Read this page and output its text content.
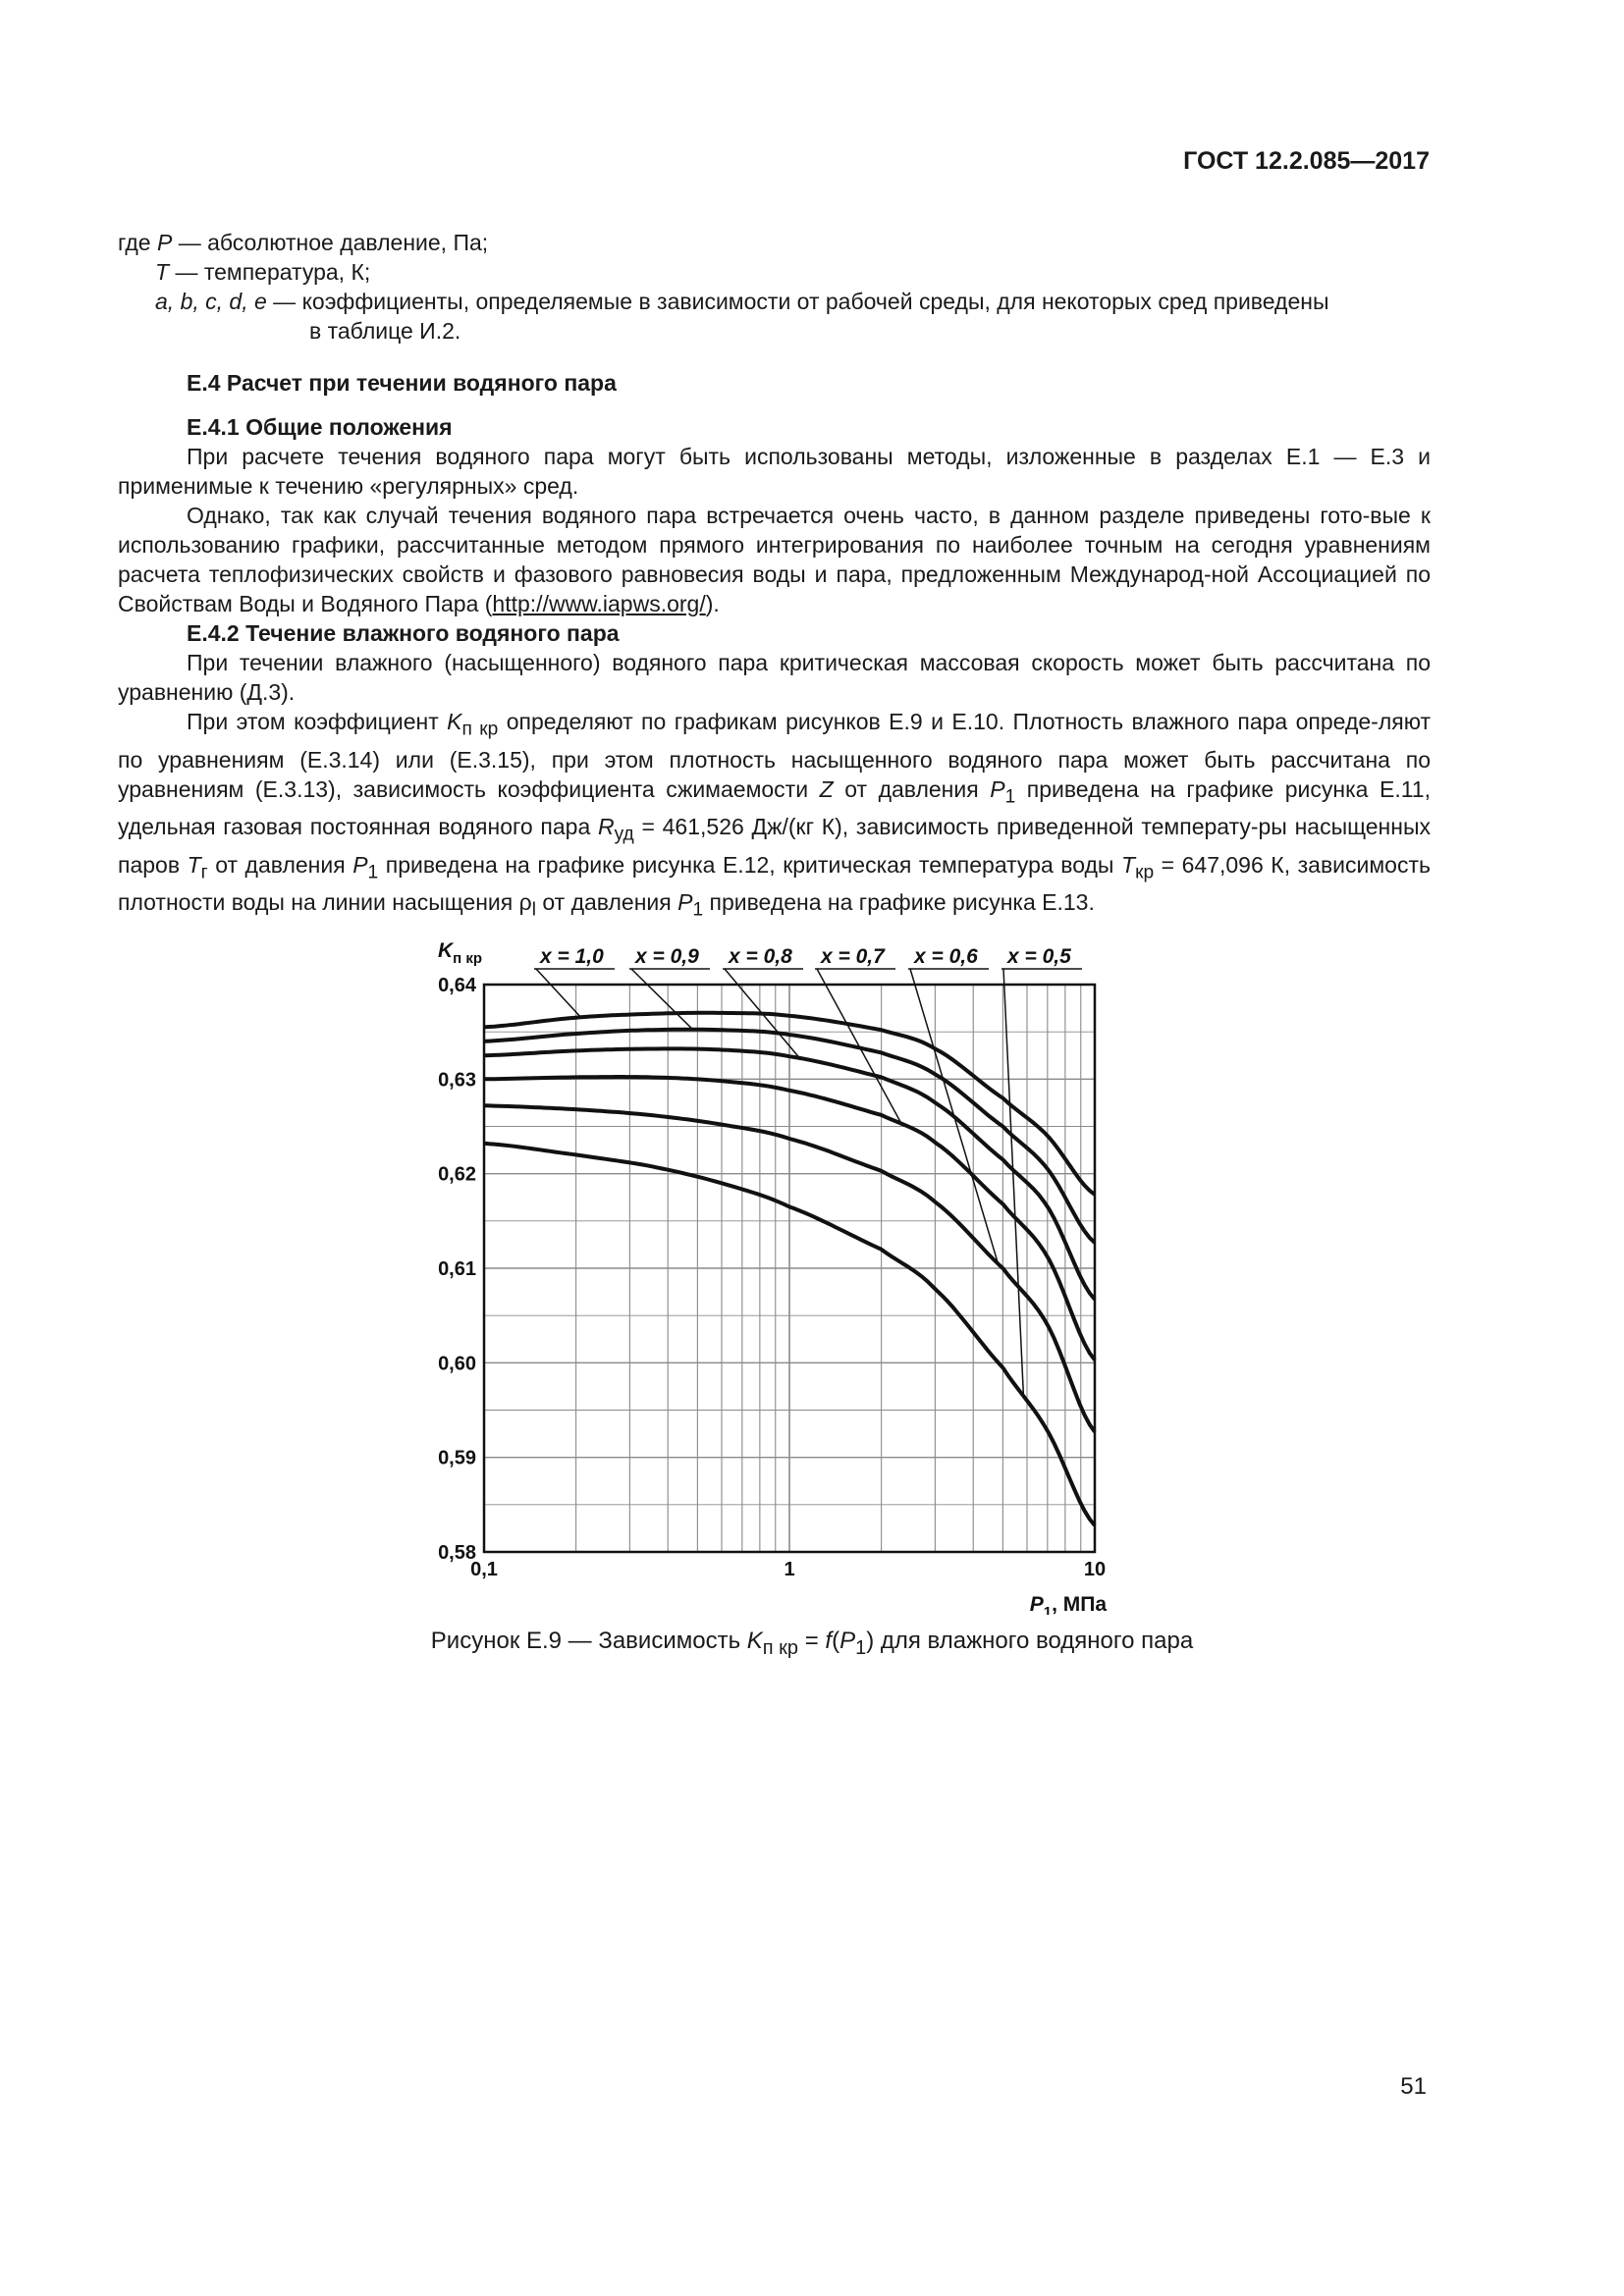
ГОСТ 12.2.085—2017
где P — абсолютное давление, Па;
T — температура, К;
a, b, c, d, e — коэффициенты, определяемые в зависимости от рабочей среды, для некоторых сред приведены
в таблице И.2.
Е.4 Расчет при течении водяного пара
Е.4.1 Общие положения
При расчете течения водяного пара могут быть использованы методы, изложенные в разделах Е.1 — Е.3 и применимые к течению «регулярных» сред.
Однако, так как случай течения водяного пара встречается очень часто, в данном разделе приведены гото-вые к использованию графики, рассчитанные методом прямого интегрирования по наиболее точным на сегодня уравнениям расчета теплофизических свойств и фазового равновесия воды и пара, предложенным Международ-ной Ассоциацией по Свойствам Воды и Водяного Пара (http://www.iapws.org/).
Е.4.2 Течение влажного водяного пара
При течении влажного (насыщенного) водяного пара критическая массовая скорость может быть рассчитана по уравнению (Д.3).
При этом коэффициент $K_{п кр}$ определяют по графикам рисунков Е.9 и Е.10. Плотность влажного пара опреде-ляют по уравнениям (Е.3.14) или (Е.3.15), при этом плотность насыщенного водяного пара может быть рассчитана по уравнениям (Е.3.13), зависимость коэффициента сжимаемости Z от давления $P_1$ приведена на графике рисунка Е.11, удельная газовая постоянная водяного пара $R_{уд} = 461,526$ Дж/(кг К), зависимость приведенной температу-ры насыщенных паров $T_г$ от давления $P_1$ приведена на графике рисунка Е.12, критическая температура воды $T_{кр} = 647,096$ К, зависимость плотности воды на линии насыщения $\rho_l$ от давления $P_1$ приведена на графике рисунка Е.13.
x = 1,0 x = 0,9 x = 0,8 x = 0,7 x = 0,6 x = 0,5
0,58
0,59
0,60
0,61
0,62
0,63
0,64
0,1	1	10
$K_{п кр}$
$P_1$, МПа
Рисунок Е.9 — Зависимость $K_{п кр} = f(P_1)$ для влажного водяного пара
51
